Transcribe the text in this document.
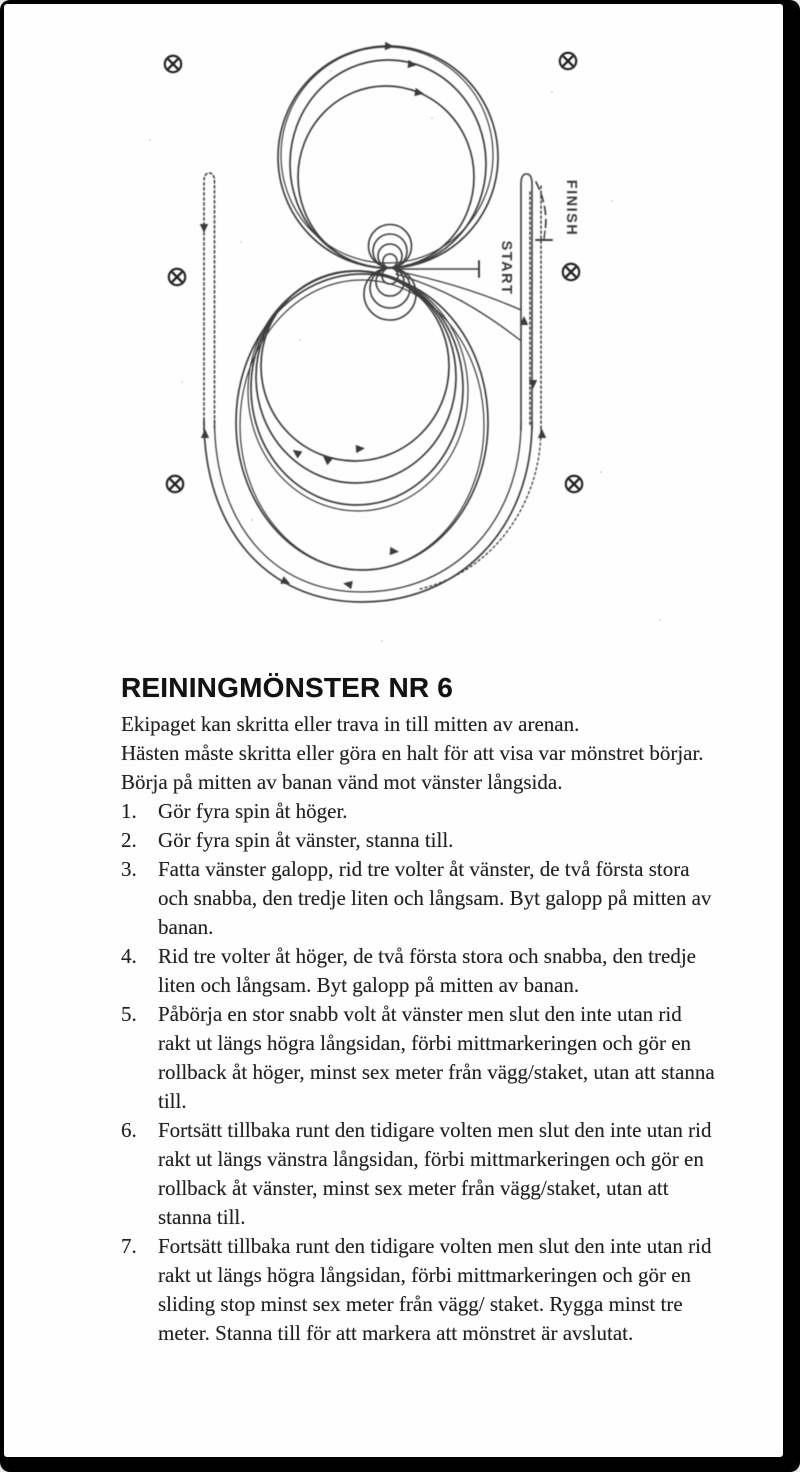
START
FINISH
REININGMÖNSTER NR 6

Ekipaget kan skritta eller trava in till mitten av arenan.

Hästen måste skritta eller göra en halt för att visa var mönstret börjar.

Börja på mitten av banan vänd mot vänster långsida.

1.	Gör fyra spin åt höger.
2.	Gör fyra spin åt vänster, stanna till.
3.	Fatta vänster galopp, rid tre volter åt vänster, de två första stora och snabba, den tredje liten och långsam. Byt galopp på mitten av banan.
4.	Rid tre volter åt höger, de två första stora och snabba, den tredje liten och långsam. Byt galopp på mitten av banan.
5.	Påbörja en stor snabb volt åt vänster men slut den inte utan rid rakt ut längs högra långsidan, förbi mittmarkeringen och gör en rollback åt höger, minst sex meter från vägg/staket, utan att stanna till.
6.	Fortsätt tillbaka runt den tidigare volten men slut den inte utan rid rakt ut längs vänstra långsidan, förbi mittmarkeringen och gör en rollback åt vänster, minst sex meter från vägg/staket, utan att stanna till.
7.	Fortsätt tillbaka runt den tidigare volten men slut den inte utan rid rakt ut längs högra långsidan, förbi mittmarkeringen och gör en sliding stop minst sex meter från vägg/ staket. Rygga minst tre meter. Stanna till för att markera att mönstret är avslutat.
